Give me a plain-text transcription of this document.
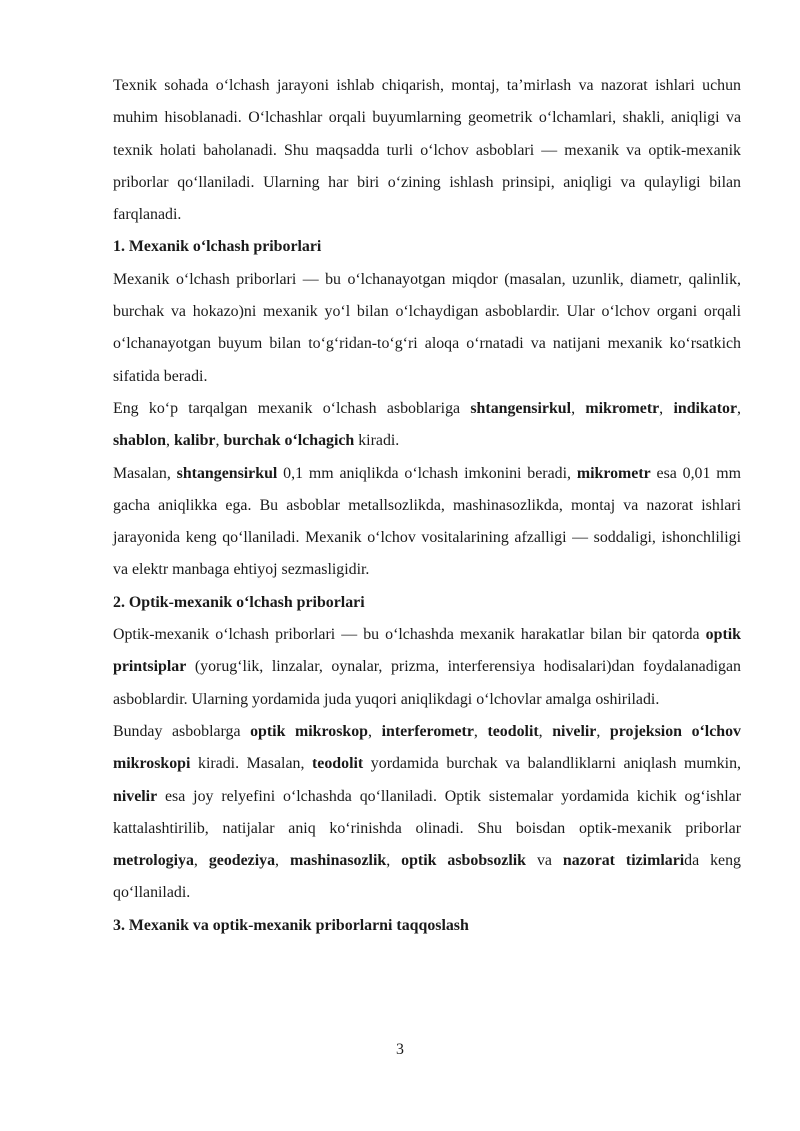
Texnik sohada o‘lchash jarayoni ishlab chiqarish, montaj, ta’mirlash va nazorat ishlari uchun muhim hisoblanadi. O‘lchashlar orqali buyumlarning geometrik o‘lchamlari, shakli, aniqligi va texnik holati baholanadi. Shu maqsadda turli o‘lchov asboblari — mexanik va optik-mexanik priborlar qo‘llaniladi. Ularning har biri o‘zining ishlash prinsipi, aniqligi va qulayligi bilan farqlanadi.

1. Mexanik o‘lchash priborlari

Mexanik o‘lchash priborlari — bu o‘lchanayotgan miqdor (masalan, uzunlik, diametr, qalinlik, burchak va hokazo)ni mexanik yo‘l bilan o‘lchaydigan asboblardir. Ular o‘lchov organi orqali o‘lchanayotgan buyum bilan to‘g‘ridan-to‘g‘ri aloqa o‘rnatadi va natijani mexanik ko‘rsatkich sifatida beradi.

Eng ko‘p tarqalgan mexanik o‘lchash asboblariga shtangensirkul, mikrometr, indikator, shablon, kalibr, burchak o‘lchagich kiradi.

Masalan, shtangensirkul 0,1 mm aniqlikda o‘lchash imkonini beradi, mikrometr esa 0,01 mm gacha aniqlikka ega. Bu asboblar metallsozlikda, mashinasozlikda, montaj va nazorat ishlari jarayonida keng qo‘llaniladi. Mexanik o‘lchov vositalarining afzalligi — soddaligi, ishonchliligi va elektr manbaga ehtiyoj sezmasligidir.

2. Optik-mexanik o‘lchash priborlari

Optik-mexanik o‘lchash priborlari — bu o‘lchashda mexanik harakatlar bilan bir qatorda optik printsiplar (yorug‘lik, linzalar, oynalar, prizma, interferensiya hodisalari)dan foydalanadigan asboblardir. Ularning yordamida juda yuqori aniqlikdagi o‘lchovlar amalga oshiriladi.

Bunday asboblarga optik mikroskop, interferometr, teodolit, nivelir, projeksion o‘lchov mikroskopi kiradi. Masalan, teodolit yordamida burchak va balandliklarni aniqlash mumkin, nivelir esa joy relyefini o‘lchashda qo‘llaniladi. Optik sistemalar yordamida kichik og‘ishlar kattalashtirilib, natijalar aniq ko‘rinishda olinadi. Shu boisdan optik-mexanik priborlar metrologiya, geodeziya, mashinasozlik, optik asbobsozlik va nazorat tizimlarida keng qo‘llaniladi.

3. Mexanik va optik-mexanik priborlarni taqqoslash
3
